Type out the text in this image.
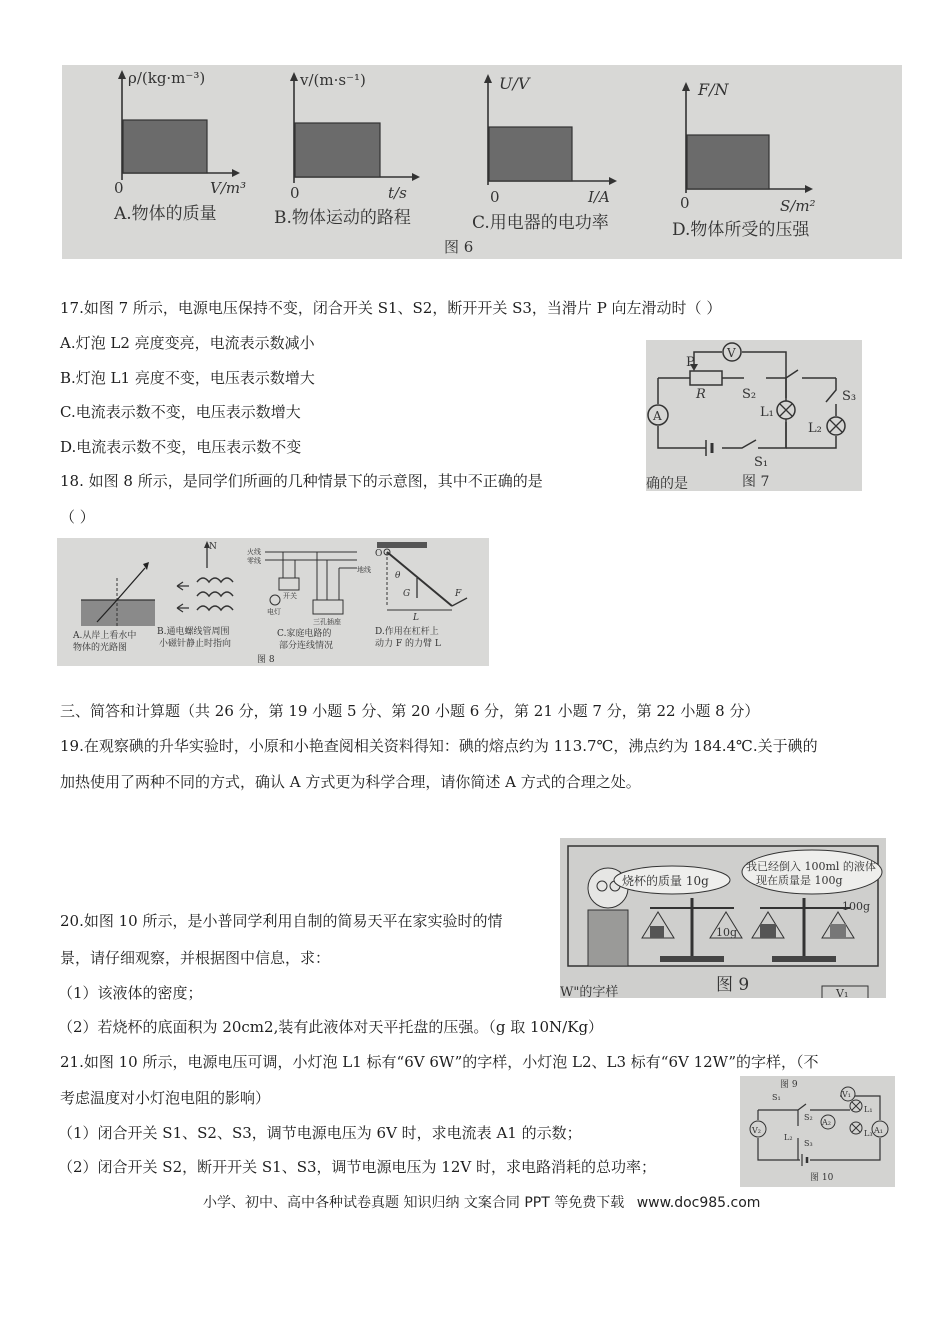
ρ/(kg·m⁻³)
V/m³
0
A.物体的质量
v/(m·s⁻¹)
t/s
0
B.物体运动的路程
U/V
I/A
0
C.用电器的电功率
F/N
S/m²
0
D.物体所受的压强
图 6
17.如图 7 所示，电源电压保持不变，闭合开关 S1、S2，断开开关 S3，当滑片 P 向左滑动时（ ）
A.灯泡 L2 亮度变亮，电流表示数减小
B.灯泡 L1 亮度不变，电压表示数增大
C.电流表示数不变，电压表示数增大
D.电流表示数不变，电压表示数不变
V
A
P
R	S₂	S₃
L₁
L₂
S₁
确的是	图 7
18. 如图 8 所示，是同学们所画的几种情景下的示意图，其中不正确的是
（ ）
A.从岸上看水中
物体的光路图
N
B.通电螺线管周围
小磁针静止时指向
火线
零线
地线
开关
电灯
三孔插座
C.家庭电路的
部分连线情况
O
θ
G
L
F
D.作用在杠杆上
动力 F 的力臂 L
图 8
三、简答和计算题（共 26 分，第 19 小题 5 分、第 20 小题 6 分，第 21 小题 7 分，第 22 小题 8 分）
19.在观察碘的升华实验时，小原和小艳查阅相关资料得知：碘的熔点约为 113.7℃，沸点约为 184.4℃.关于碘的
加热使用了两种不同的方式，确认 A 方式更为科学合理，请你简述 A 方式的合理之处。
烧杯的质量 10g
我已经倒入 100ml 的液体
现在质量是 100g
10g
100g
W"的字样	图 9	V₁
20.如图 10 所示，是小普同学利用自制的简易天平在家实验时的情
景，请仔细观察，并根据图中信息，求：
（1）该液体的密度；
（2）若烧杯的底面积为 20cm2,装有此液体对天平托盘的压强。（g 取 10N/Kg）
21.如图 10 所示，电源电压可调，小灯泡 L1 标有“6V 6W”的字样，小灯泡 L2、L3 标有“6V 12W”的字样，（不
考虑温度对小灯泡电阻的影响）
（1）闭合开关 S1、S2、S3，调节电源电压为 6V 时，求电流表 A1 的示数；
（2）闭合开关 S2，断开开关 S1、S3，调节电源电压为 12V 时，求电路消耗的总功率；
图 9
V₂
V₁
A₂
A₁
S₁
S₂
S₃
L₁
L₂	L₃
图 10
小学、初中、高中各种试卷真题 知识归纳 文案合同 PPT 等免费下载 www.doc985.com
